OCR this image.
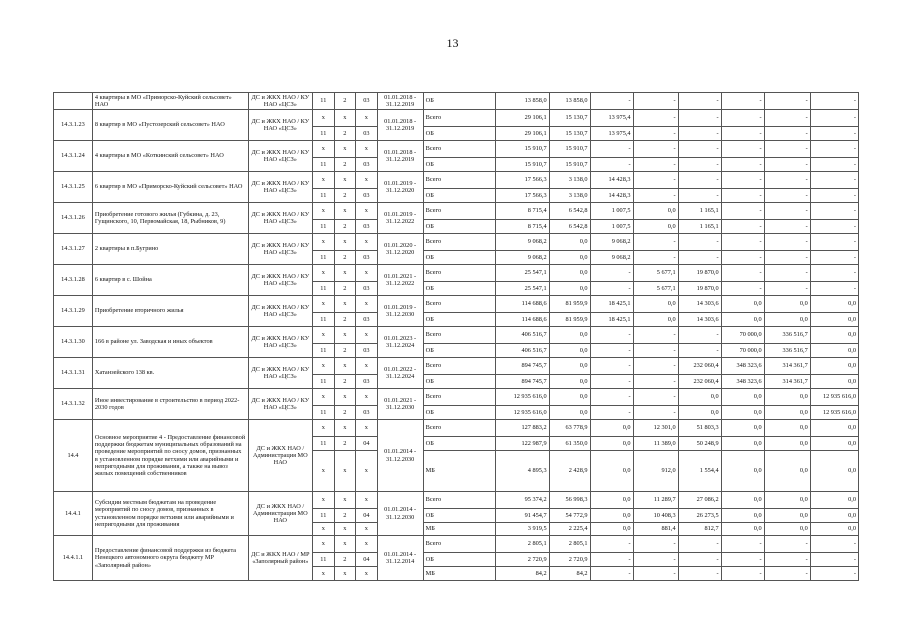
13
	4 квартиры в МО «Приморско-Куйский сельсовет» НАО	ДС и ЖКХ НАО / КУ НАО «ЦСЗ»	11	2	03	01.01.2018 - 31.12.2019	ОБ	13 858,0	13 858,0	-	-	-	-	-	-
14.3.1.23	8 квартир в МО «Пустозерский сельсовет» НАО	ДС и ЖКХ НАО / КУ НАО «ЦСЗ»	х	х	х	01.01.2018 - 31.12.2019	Всего	29 106,1	15 130,7	13 975,4	-	-	-	-	-
			11	2	03		ОБ	29 106,1	15 130,7	13 975,4	-	-	-	-	-
14.3.1.24	4 квартиры в МО «Коткинский сельсовет» НАО	ДС и ЖКХ НАО / КУ НАО «ЦСЗ»	х	х	х	01.01.2018 - 31.12.2019	Всего	15 910,7	15 910,7	-	-	-	-	-	-
			11	2	03		ОБ	15 910,7	15 910,7	-	-	-	-	-	-
14.3.1.25	6 квартир в МО «Приморско-Куйский сельсовет» НАО	ДС и ЖКХ НАО / КУ НАО «ЦСЗ»	х	х	х	01.01.2019 - 31.12.2020	Всего	17 566,3	3 138,0	14 428,3	-	-	-	-	-
			11	2	03		ОБ	17 566,3	3 138,0	14 428,3	-	-	-	-	-
14.3.1.26	Приобретение готового жилья (Губкина, д. 23, Гущинского, 10, Первомайская, 18, Рыбников, 9)	ДС и ЖКХ НАО / КУ НАО «ЦСЗ»	х	х	х	01.01.2019 - 31.12.2022	Всего	8 715,4	6 542,8	1 007,5	0,0	1 165,1	-	-	-
			11	2	03		ОБ	8 715,4	6 542,8	1 007,5	0,0	1 165,1	-	-	-
14.3.1.27	2 квартиры в п.Бугрино	ДС и ЖКХ НАО / КУ НАО «ЦСЗ»	х	х	х	01.01.2020 - 31.12.2020	Всего	9 068,2	0,0	9 068,2	-	-	-	-	-
			11	2	03		ОБ	9 068,2	0,0	9 068,2	-	-	-	-	-
14.3.1.28	6 квартир в с. Шойна	ДС и ЖКХ НАО / КУ НАО «ЦСЗ»	х	х	х	01.01.2021 - 31.12.2022	Всего	25 547,1	0,0	-	5 677,1	19 870,0	-	-	-
			11	2	03		ОБ	25 547,1	0,0	-	5 677,1	19 870,0	-	-	-
14.3.1.29	Приобретение вторичного жилья	ДС и ЖКХ НАО / КУ НАО «ЦСЗ»	х	х	х	01.01.2019 - 31.12.2030	Всего	114 688,6	81 959,9	18 425,1	0,0	14 303,6	0,0	0,0	0,0
			11	2	03		ОБ	114 688,6	81 959,9	18 425,1	0,0	14 303,6	0,0	0,0	0,0
14.3.1.30	166 в районе ул. Заводская и иных объектов	ДС и ЖКХ НАО / КУ НАО «ЦСЗ»	х	х	х	01.01.2023 - 31.12.2024	Всего	406 516,7	0,0	-	-	-	70 000,0	336 516,7	0,0
			11	2	03		ОБ	406 516,7	0,0	-	-	-	70 000,0	336 516,7	0,0
14.3.1.31	Хатанзейского 138 кв.	ДС и ЖКХ НАО / КУ НАО «ЦСЗ»	х	х	х	01.01.2022 - 31.12.2024	Всего	894 745,7	0,0	-	-	232 060,4	348 323,6	314 361,7	0,0
			11	2	03		ОБ	894 745,7	0,0	-	-	232 060,4	348 323,6	314 361,7	0,0
14.3.1.32	Иное инвестирование в строительство в период 2022-2030 годов	ДС и ЖКХ НАО / КУ НАО «ЦСЗ»	х	х	х	01.01.2021 - 31.12.2030	Всего	12 935 616,0	0,0	-	-	0,0	0,0	0,0	12 935 616,0
			11	2	03		ОБ	12 935 616,0	0,0	-	-	0,0	0,0	0,0	12 935 616,0
14.4	Основное мероприятие 4 - Предоставление финансовой поддержки бюджетам муниципальных образований на проведение мероприятий по сносу домов, признанных в установленном порядке ветхими или аварийными и непригодными для проживания, а также на вывоз жилых помещений собственников	ДС и ЖКХ НАО / Администрация МО НАО	х	х	х	01.01.2014 - 31.12.2030	Всего	127 883,2	63 778,9	0,0	12 301,0	51 803,3	0,0	0,0	0,0
			11	2	04		ОБ	122 987,9	61 350,0	0,0	11 389,0	50 248,9	0,0	0,0	0,0
			х	х	х		МБ	4 895,3	2 428,9	0,0	912,0	1 554,4	0,0	0,0	0,0
14.4.1	Субсидии местным бюджетам на проведение мероприятий по сносу домов, признанных в установленном порядке ветхими или аварийными и непригодными для проживания	ДС и ЖКХ НАО / Администрация МО НАО	х	х	х	01.01.2014 - 31.12.2030	Всего	95 374,2	56 998,3	0,0	11 289,7	27 086,2	0,0	0,0	0,0
			11	2	04		ОБ	91 454,7	54 772,9	0,0	10 408,3	26 273,5	0,0	0,0	0,0
			х	х	х		МБ	3 919,5	2 225,4	0,0	881,4	812,7	0,0	0,0	0,0
14.4.1.1	Предоставление финансовой поддержки из бюджета Ненецкого автономного округа бюджету МР «Заполярный район»	ДС и ЖКХ НАО / МР «Заполярный район»	х	х	х	01.01.2014 - 31.12.2014	Всего	2 805,1	2 805,1	-	-	-	-	-	-
			11	2	04		ОБ	2 720,9	2 720,9	-	-	-	-	-	-
			х	х	х		МБ	84,2	84,2	-	-	-	-	-	-
